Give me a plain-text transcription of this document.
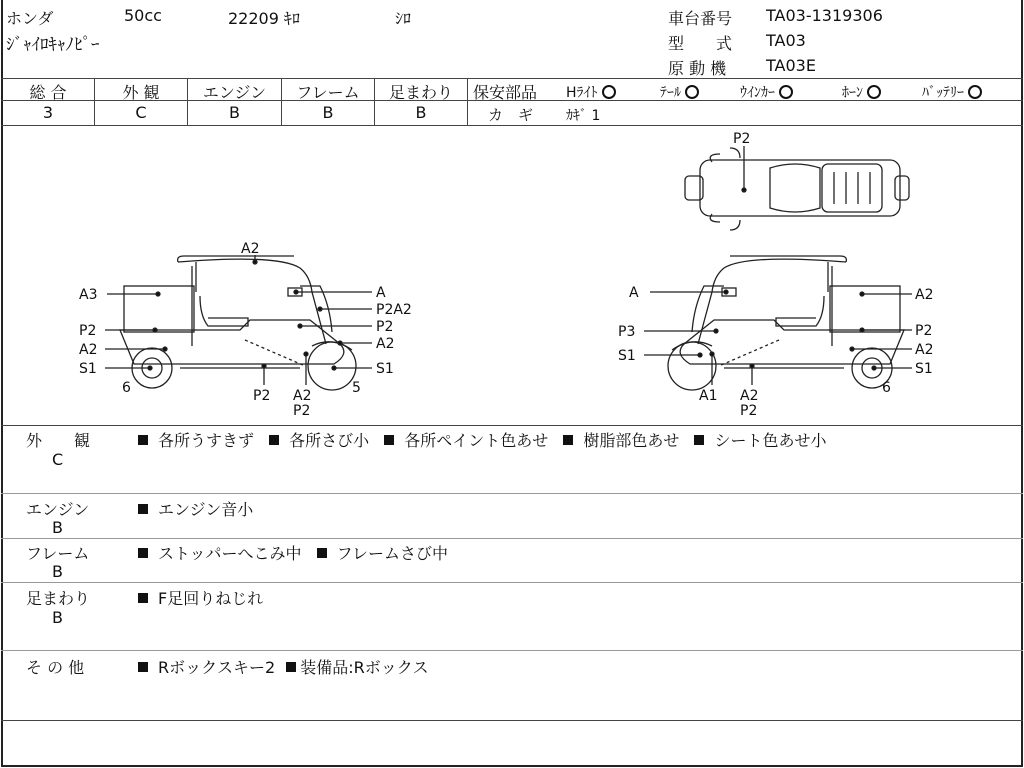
ホンダ	50cc	22209 ｷﾛ	ｼﾛ
ｼﾞｬｲﾛｷｬﾉﾋﾟｰ
車台番号 TA03-1319306
型　　式 TA03
原 動 機 TA03E
総 合
3
外 観
C
エンジン
B
フレーム
B
足まわり
B
保安部品 Hﾗｲﾄ	ﾃｰﾙ	ｳｲﾝｶｰ	ﾎｰﾝ	ﾊﾞｯﾃﾘｰ
カ　ギ ｶｷﾞ 1
P2
A2
A3	A
P2A2
P2	P2
A2	A2
S1	S1
6	P2 A2
P2
5
A	A2
P3	P2
S1	A2
S1
A1 A2
P2
6
外　　観
C
各所うすきず 各所さび小 各所ペイント色あせ 樹脂部色あせ シート色あせ小
エンジン
B
エンジン音小
フレーム
B
ストッパーへこみ中 フレームさび中
足まわり
B
F足回りねじれ
そ の 他	Rボックスキー2 装備品:Rボックス
